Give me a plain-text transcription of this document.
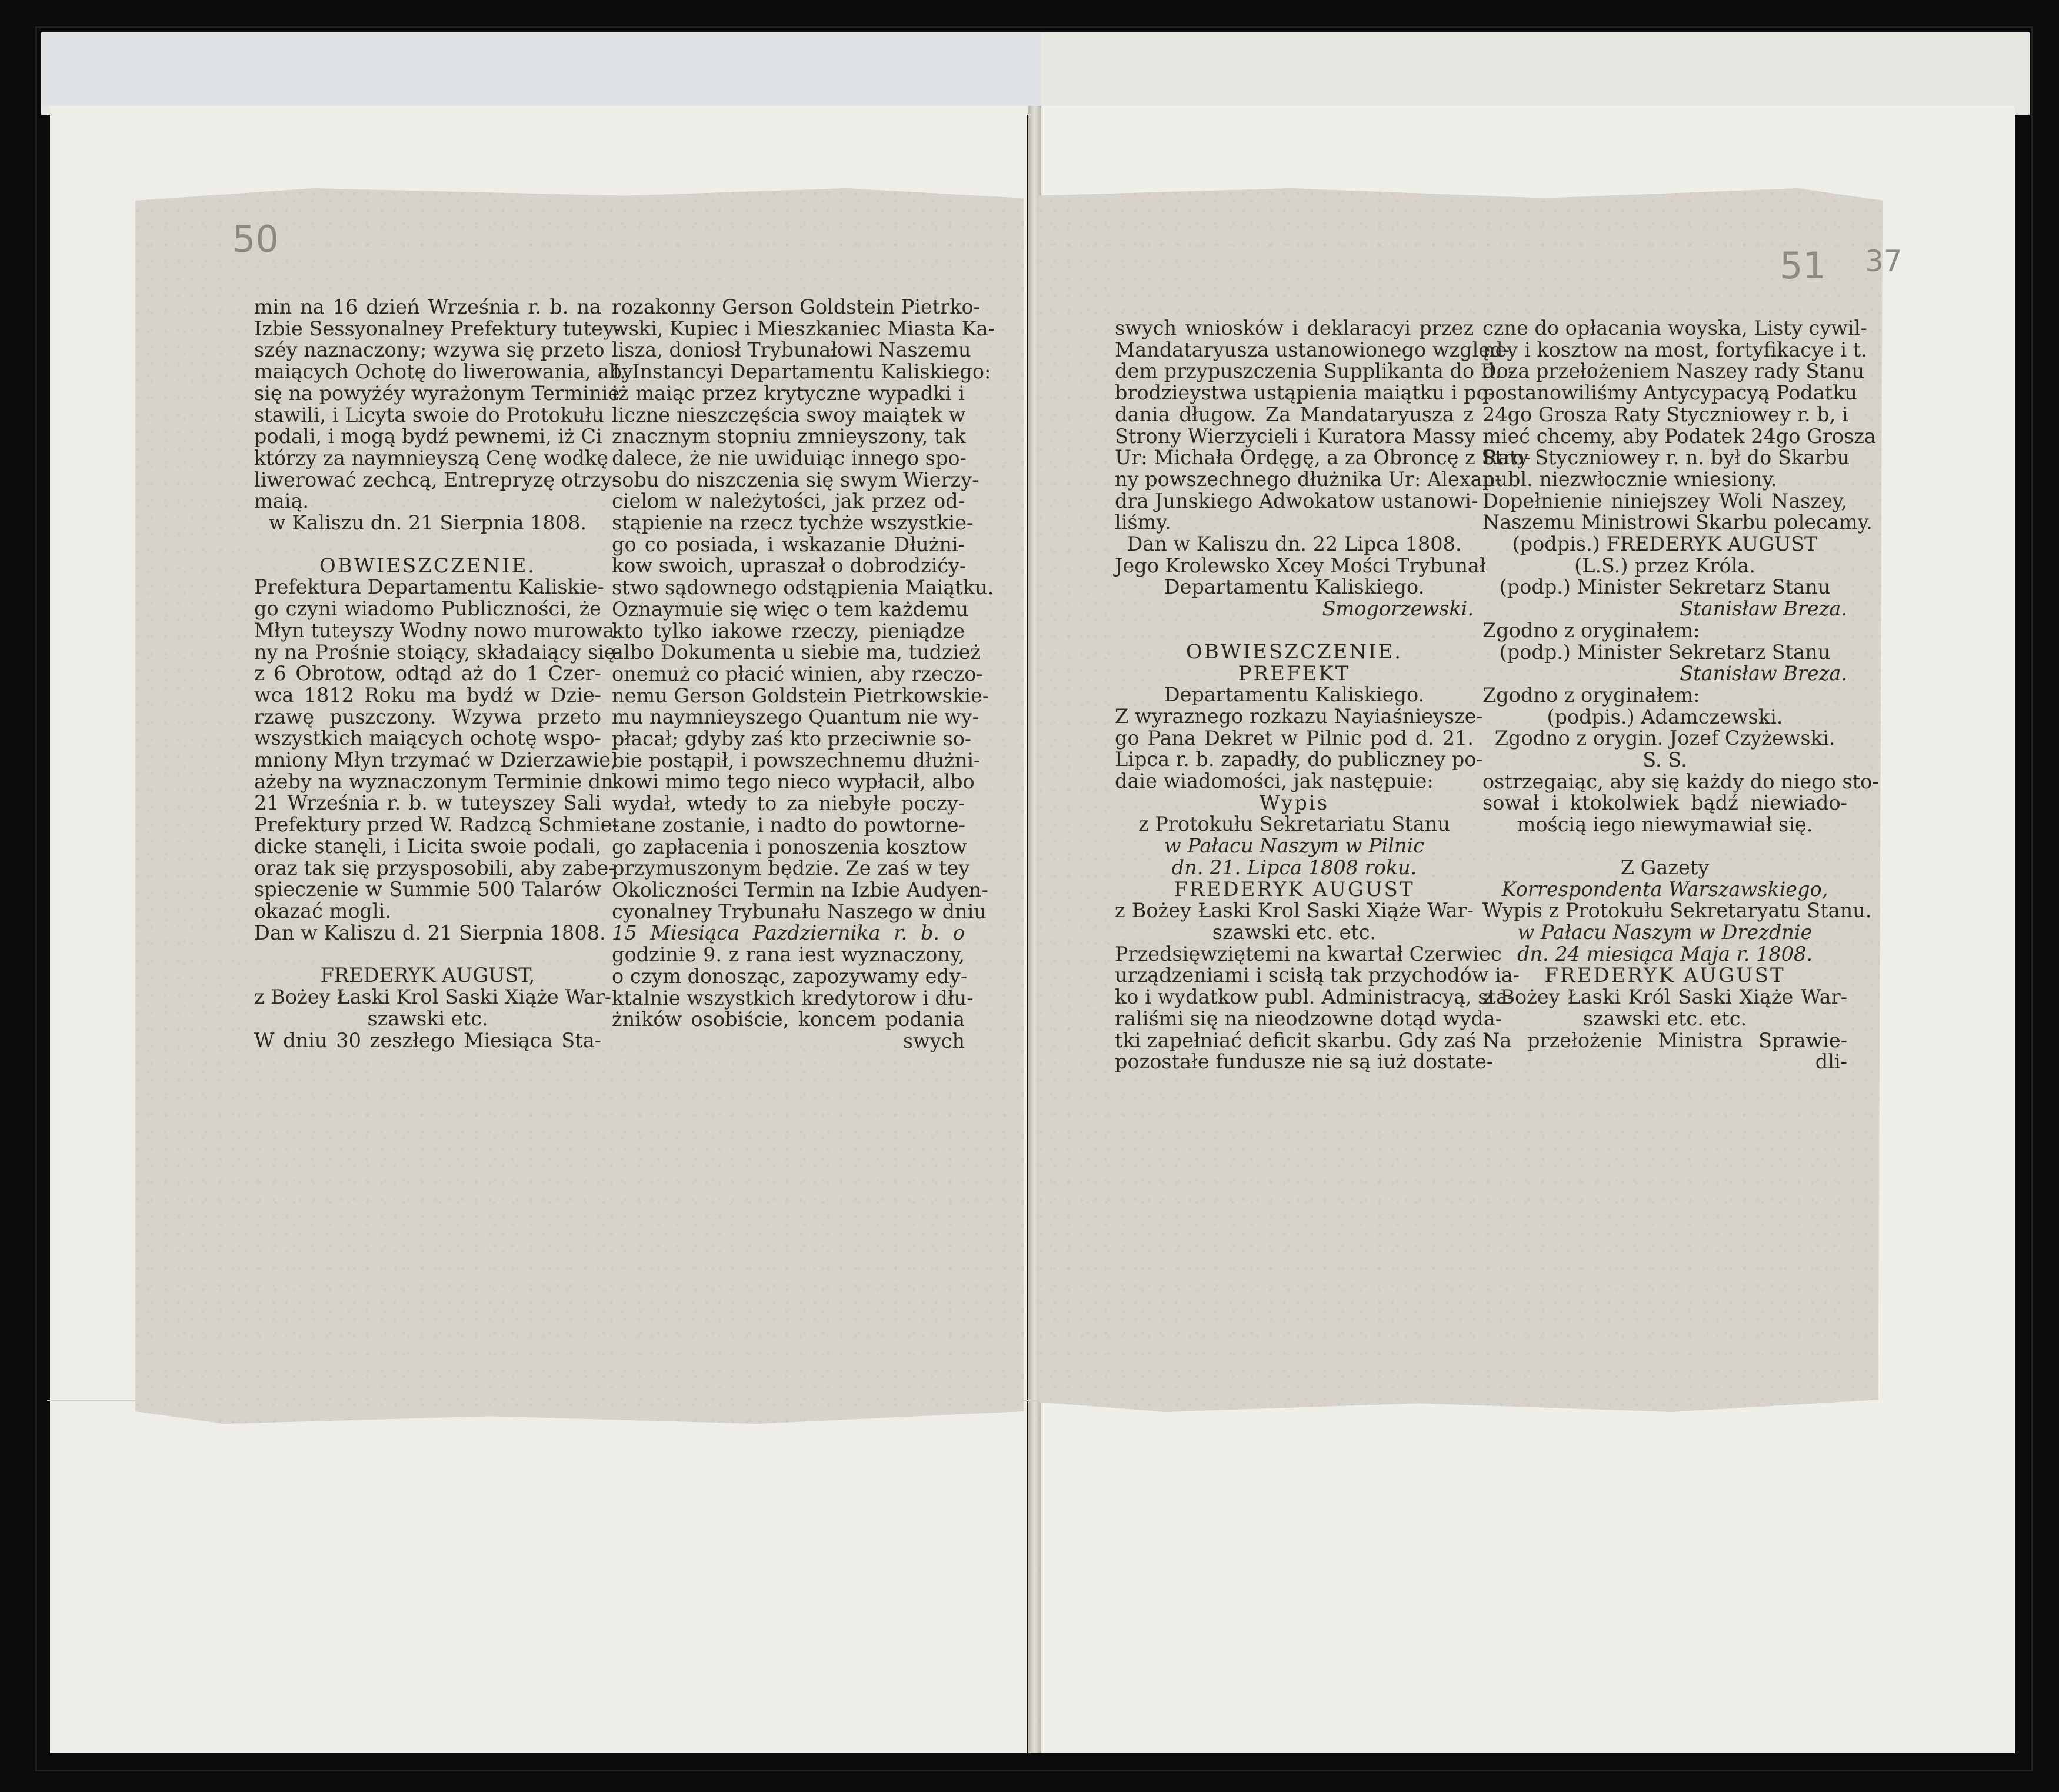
50
51 37
min na 16 dzień Września r. b. na
Izbie Sessyonalney Prefektury tutey-
széy naznaczony; wzywa się przeto
maiących Ochotę do liwerowania, aby
się na powyżéy wyrażonym Terminie
stawili, i Licyta swoie do Protokułu
podali, i mogą bydź pewnemi, iż Ci
którzy za naymnieyszą Cenę wodkę
liwerować zechcą, Entrepryzę otrzy-
maią.
w Kaliszu dn. 21 Sierpnia 1808.
OBWIESZCZENIE.
Prefektura Departamentu Kaliskie-
go czyni wiadomo Publiczności, że
Młyn tuteyszy Wodny nowo murowa-
ny na Prośnie stoiący, składaiący się
z 6 Obrotow, odtąd aż do 1 Czer-
wca 1812 Roku ma bydź w Dzie-
rzawę puszczony. Wzywa przeto
wszystkich maiących ochotę wspo-
mniony Młyn trzymać w Dzierzawie,
ażeby na wyznaczonym Terminie dn.
21 Września r. b. w tuteyszey Sali
Prefektury przed W. Radzcą Schmie-
dicke stanęli, i Licita swoie podali,
oraz tak się przysposobili, aby zabe-
spieczenie w Summie 500 Talarów
okazać mogli.
Dan w Kaliszu d. 21 Sierpnia 1808.
FREDERYK AUGUST,
z Bożey Łaski Krol Saski Xiąże War-
szawski etc.
W dniu 30 zeszłego Miesiąca Sta-
rozakonny Gerson Goldstein Pietrko-
wski, Kupiec i Mieszkaniec Miasta Ka-
lisza, doniosł Trybunałowi Naszemu
I. Instancyi Departamentu Kaliskiego:
iż maiąc przez krytyczne wypadki i
liczne nieszczęścia swoy maiątek w
znacznym stopniu zmnieyszony, tak
dalece, że nie uwiduiąc innego spo-
sobu do niszczenia się swym Wierzy-
cielom w należytości, jak przez od-
stąpienie na rzecz tychże wszystkie-
go co posiada, i wskazanie Dłużni-
kow swoich, upraszał o dobrodzićy-
stwo sądownego odstąpienia Maiątku.
Oznaymuie się więc o tem każdemu
kto tylko iakowe rzeczy, pieniądze
albo Dokumenta u siebie ma, tudzież
onemuż co płacić winien, aby rzeczo-
nemu Gerson Goldstein Pietrkowskie-
mu naymnieyszego Quantum nie wy-
płacał; gdyby zaś kto przeciwnie so-
bie postąpił, i powszechnemu dłużni-
kowi mimo tego nieco wypłacił, albo
wydał, wtedy to za niebyłe poczy-
tane zostanie, i nadto do powtorne-
go zapłacenia i ponoszenia kosztow
przymuszonym będzie. Ze zaś w tey
Okoliczności Termin na Izbie Audyen-
cyonalney Trybunału Naszego w dniu
15 Miesiąca Pazdziernika r. b. o
godzinie 9. z rana iest wyznaczony,
o czym donosząc, zapozywamy edy-
ktalnie wszystkich kredytorow i dłu-
żników osobiście, koncem podania
swych
swych wniosków i deklaracyi przez
Mandataryusza ustanowionego względ-
dem przypuszczenia Supplikanta do Do-
brodzieystwa ustąpienia maiątku i po-
dania długow. Za Mandataryusza z
Strony Wierzycieli i Kuratora Massy
Ur: Michała Ordęgę, a za Obroncę z Stro-
ny powszechnego dłużnika Ur: Alexan-
dra Junskiego Adwokatow ustanowi-
liśmy.
Dan w Kaliszu dn. 22 Lipca 1808.
Jego Krolewsko Xcey Mości Trybunał
Departamentu Kaliskiego.
Smogorzewski.
OBWIESZCZENIE.
PREFEKT
Departamentu Kaliskiego.
Z wyraznego rozkazu Nayiaśnieysze-
go Pana Dekret w Pilnic pod d. 21.
Lipca r. b. zapadły, do publiczney po-
daie wiadomości, jak następuie:
Wypis
z Protokułu Sekretariatu Stanu
w Pałacu Naszym w Pilnic
dn. 21. Lipca 1808 roku.
FREDERYK AUGUST
z Bożey Łaski Krol Saski Xiąże War-
szawski etc. etc.
Przedsięwziętemi na kwartał Czerwiec
urządzeniami i scisłą tak przychodów ia-
ko i wydatkow publ. Administracyą, sta-
raliśmi się na nieodzowne dotąd wyda-
tki zapełniać deficit skarbu. Gdy zaś
pozostałe fundusze nie są iuż dostate-
czne do opłacania woyska, Listy cywil-
ney i kosztow na most, fortyfikacye i t.
d. za przełożeniem Naszey rady Stanu
postanowiliśmy Antycypacyą Podatku
24go Grosza Raty Styczniowey r. b, i
mieć chcemy, aby Podatek 24go Grosza
Raty Styczniowey r. n. był do Skarbu
publ. niezwłocznie wniesiony.
Dopełnienie niniejszey Woli Naszey,
Naszemu Ministrowi Skarbu polecamy.
(podpis.) FREDERYK AUGUST
(L.S.) przez Króla.
(podp.) Minister Sekretarz Stanu
Stanisław Breza.
Zgodno z oryginałem:
(podp.) Minister Sekretarz Stanu
Stanisław Breza.
Zgodno z oryginałem:
(podpis.) Adamczewski.
Zgodno z orygin. Jozef Czyżewski.
S. S.
ostrzegaiąc, aby się każdy do niego sto-
sował i ktokolwiek bądź niewiado-
mością iego niewymawiał się.
Z Gazety
Korrespondenta Warszawskiego,
Wypis z Protokułu Sekretaryatu Stanu.
w Pałacu Naszym w Drezdnie
dn. 24 miesiąca Maja r. 1808.
FREDERYK AUGUST
z Bożey Łaski Król Saski Xiąże War-
szawski etc. etc.
Na przełożenie Ministra Sprawie-
dli-
